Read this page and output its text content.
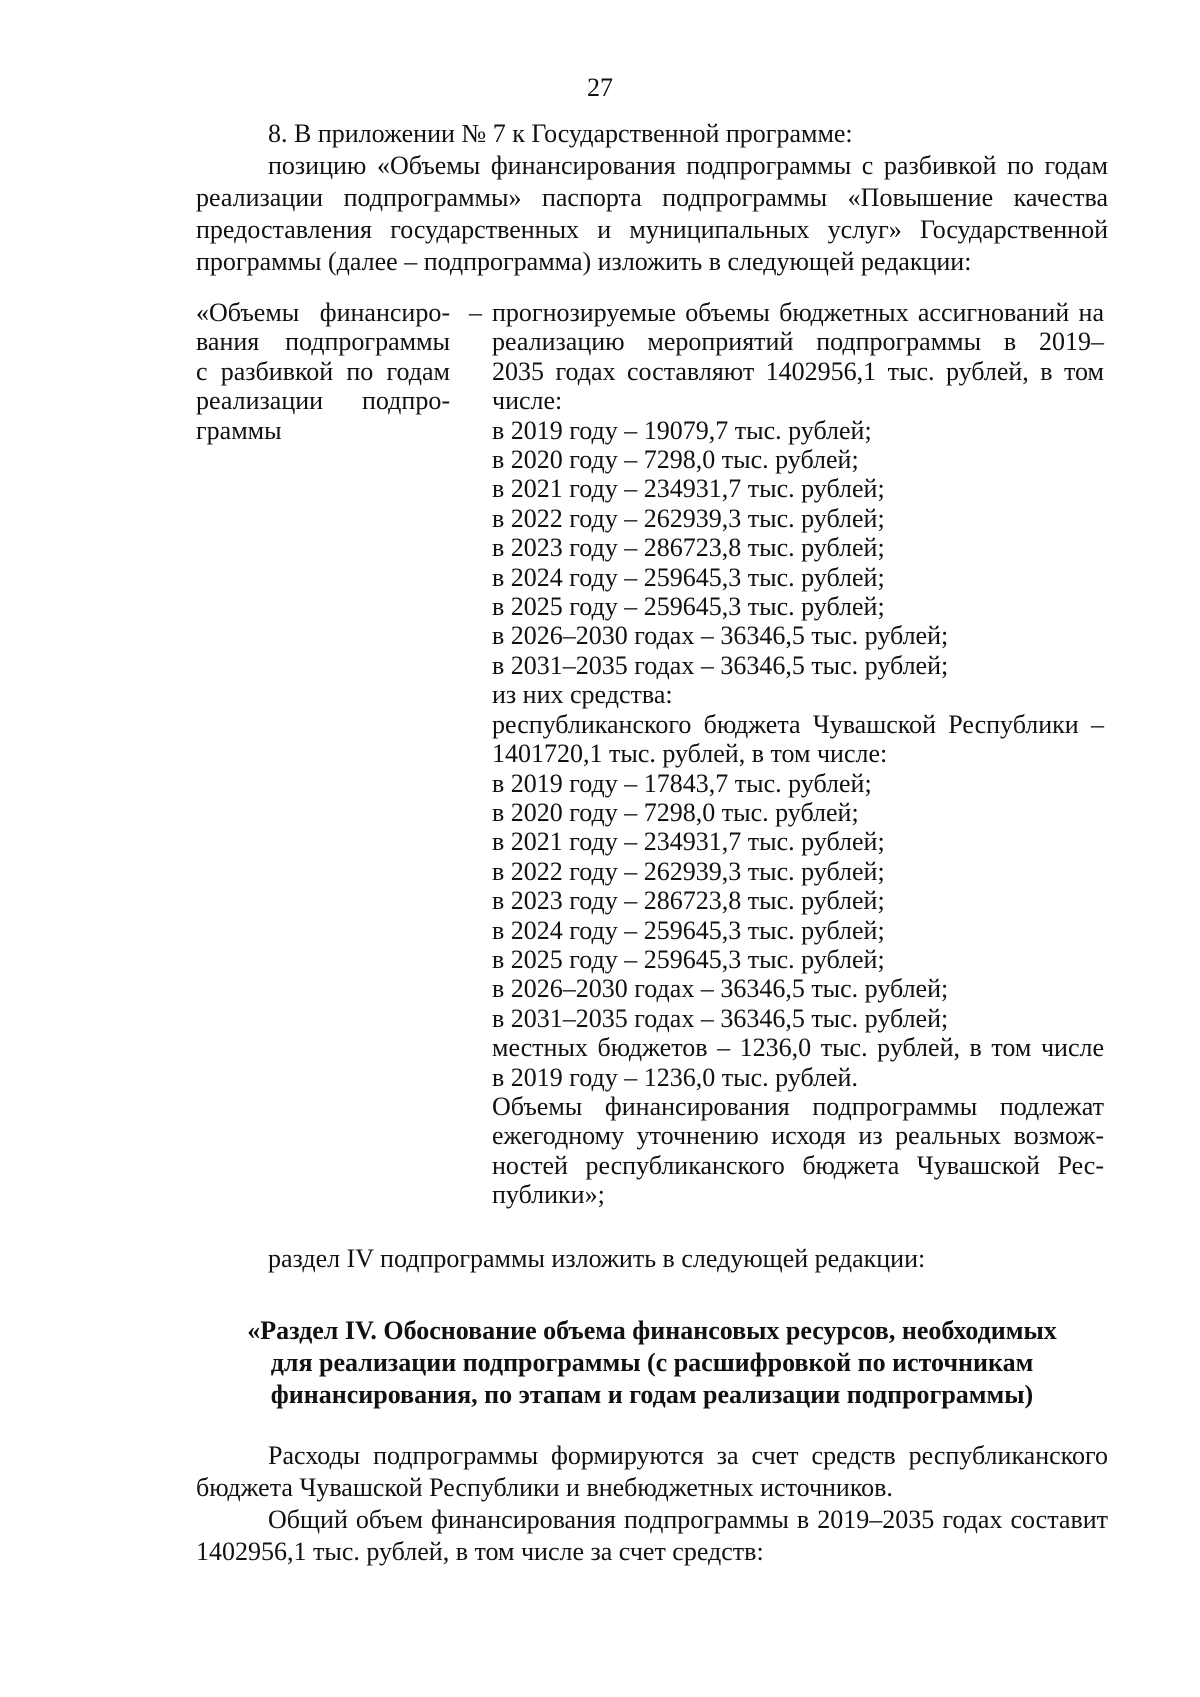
27

8. В приложении № 7 к Государственной программе:

позицию «Объемы финансирования подпрограммы с разбивкой по годам реализации подпрограммы» паспорта подпрограммы «Повышение качества предоставления государственных и муниципальных услуг» Государственной программы (далее – подпрограмма) изложить в следующей редакции:

«Объемы финансиро-
вания подпрограммы
с разбивкой по годам
реализации подпро-
граммы
– прогнозируемые объемы бюджетных ассигнований на
реализацию мероприятий подпрограммы в 2019–
2035 годах составляют 1402956,1 тыс. рублей, в том
числе:
в 2019 году – 19079,7 тыс. рублей;
в 2020 году – 7298,0 тыс. рублей;
в 2021 году – 234931,7 тыс. рублей;
в 2022 году – 262939,3 тыс. рублей;
в 2023 году – 286723,8 тыс. рублей;
в 2024 году – 259645,3 тыс. рублей;
в 2025 году – 259645,3 тыс. рублей;
в 2026–2030 годах – 36346,5 тыс. рублей;
в 2031–2035 годах – 36346,5 тыс. рублей;
из них средства:
республиканского бюджета Чувашской Республики –
1401720,1 тыс. рублей, в том числе:
в 2019 году – 17843,7 тыс. рублей;
в 2020 году – 7298,0 тыс. рублей;
в 2021 году – 234931,7 тыс. рублей;
в 2022 году – 262939,3 тыс. рублей;
в 2023 году – 286723,8 тыс. рублей;
в 2024 году – 259645,3 тыс. рублей;
в 2025 году – 259645,3 тыс. рублей;
в 2026–2030 годах – 36346,5 тыс. рублей;
в 2031–2035 годах – 36346,5 тыс. рублей;
местных бюджетов – 1236,0 тыс. рублей, в том числе
в 2019 году – 1236,0 тыс. рублей.
Объемы финансирования подпрограммы подлежат
ежегодному уточнению исходя из реальных возмож-
ностей республиканского бюджета Чувашской Рес-
публики»;

раздел IV подпрограммы изложить в следующей редакции:

«Раздел IV. Обоснование объема финансовых ресурсов, необходимых
для реализации подпрограммы (с расшифровкой по источникам
финансирования, по этапам и годам реализации подпрограммы)

Расходы подпрограммы формируются за счет средств республиканского бюджета Чувашской Республики и внебюджетных источников.

Общий объем финансирования подпрограммы в 2019–2035 годах составит 1402956,1 тыс. рублей, в том числе за счет средств:
